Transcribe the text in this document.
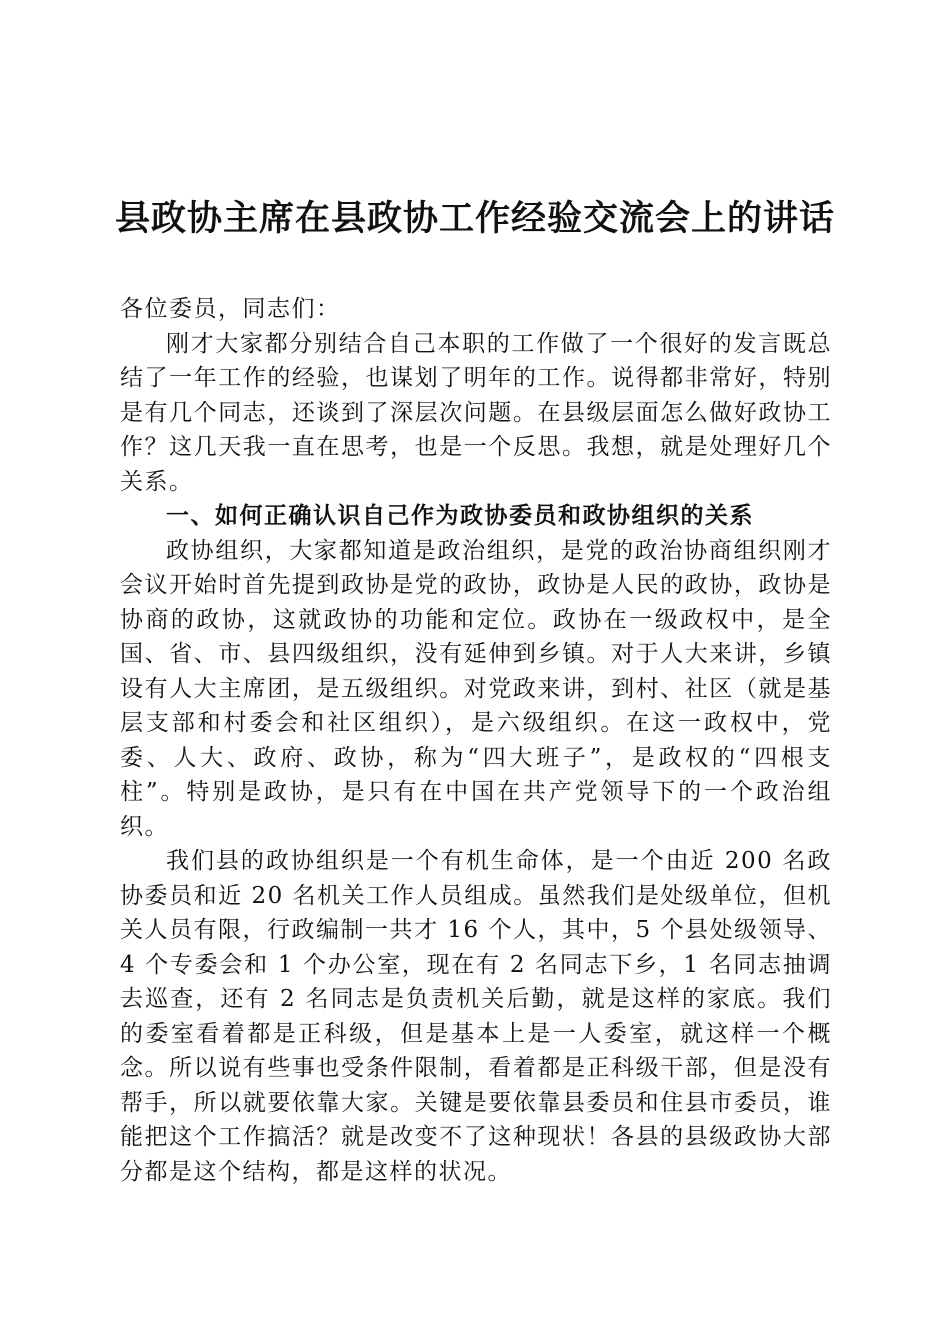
县政协主席在县政协工作经验交流会上的讲话

各位委员，同志们：

刚才大家都分别结合自己本职的工作做了一个很好的发言既总结了一年工作的经验，也谋划了明年的工作。说得都非常好，特别是有几个同志，还谈到了深层次问题。在县级层面怎么做好政协工作？这几天我一直在思考，也是一个反思。我想，就是处理好几个关系。

一、如何正确认识自己作为政协委员和政协组织的关系

政协组织，大家都知道是政治组织，是党的政治协商组织刚才会议开始时首先提到政协是党的政协，政协是人民的政协，政协是协商的政协，这就政协的功能和定位。政协在一级政权中，是全国、省、市、县四级组织，没有延伸到乡镇。对于人大来讲，乡镇设有人大主席团，是五级组织。对党政来讲，到村、社区（就是基层支部和村委会和社区组织），是六级组织。在这一政权中，党委、人大、政府、政协，称为“四大班子”，是政权的“四根支柱”。特别是政协，是只有在中国在共产党领导下的一个政治组织。

我们县的政协组织是一个有机生命体，是一个由近 200 名政协委员和近 20 名机关工作人员组成。虽然我们是处级单位，但机关人员有限，行政编制一共才 16 个人，其中，5 个县处级领导、4 个专委会和 1 个办公室，现在有 2 名同志下乡，1 名同志抽调去巡查，还有 2 名同志是负责机关后勤，就是这样的家底。我们的委室看着都是正科级，但是基本上是一人委室，就这样一个概念。所以说有些事也受条件限制，看着都是正科级干部，但是没有帮手，所以就要依靠大家。关键是要依靠县委员和住县市委员，谁能把这个工作搞活？就是改变不了这种现状！各县的县级政协大部分都是这个结构，都是这样的状况。
